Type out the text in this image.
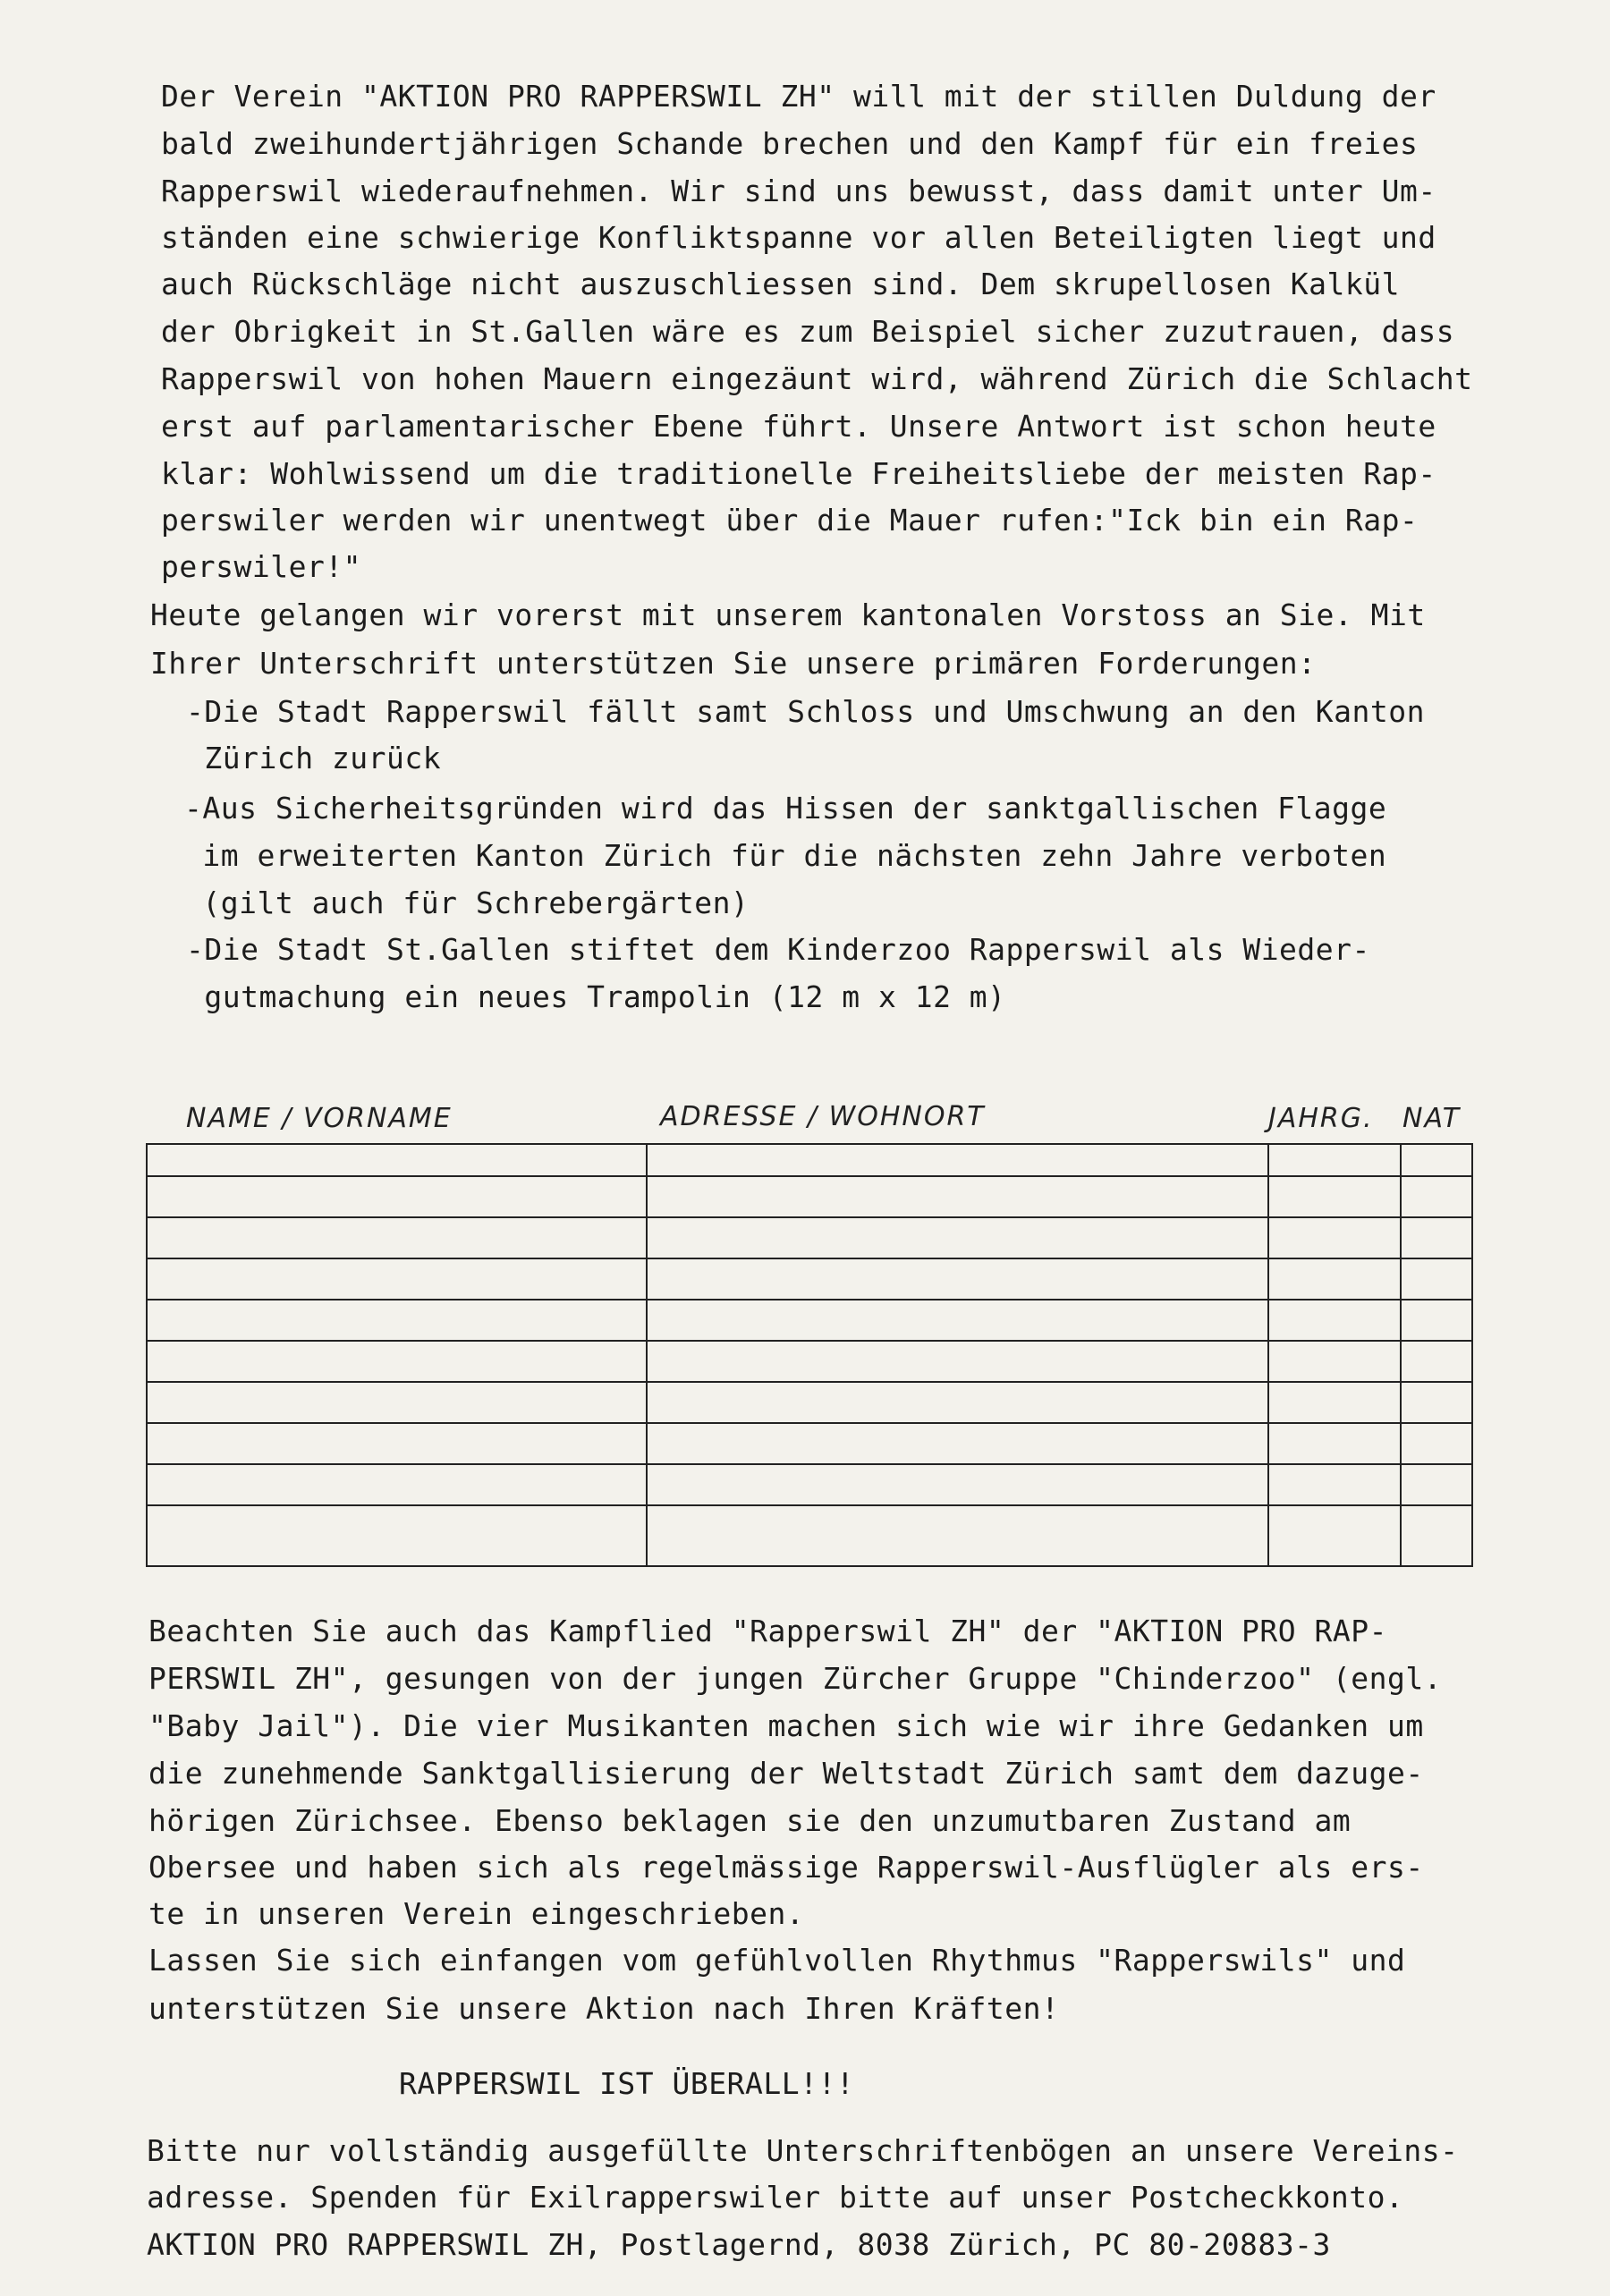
Der Verein "AKTION PRO RAPPERSWIL ZH" will mit der stillen Duldung der
bald zweihundertjährigen Schande brechen und den Kampf für ein freies
Rapperswil wiederaufnehmen. Wir sind uns bewusst, dass damit unter Um-
ständen eine schwierige Konfliktspanne vor allen Beteiligten liegt und
auch Rückschläge nicht auszuschliessen sind. Dem skrupellosen Kalkül
der Obrigkeit in St.Gallen wäre es zum Beispiel sicher zuzutrauen, dass
Rapperswil von hohen Mauern eingezäunt wird, während Zürich die Schlacht
erst auf parlamentarischer Ebene führt. Unsere Antwort ist schon heute
klar: Wohlwissend um die traditionelle Freiheitsliebe der meisten Rap-
perswiler werden wir unentwegt über die Mauer rufen:"Ick bin ein Rap-
perswiler!"
Heute gelangen wir vorerst mit unserem kantonalen Vorstoss an Sie. Mit
Ihrer Unterschrift unterstützen Sie unsere primären Forderungen:
-Die Stadt Rapperswil fällt samt Schloss und Umschwung an den Kanton
Zürich zurück
-Aus Sicherheitsgründen wird das Hissen der sanktgallischen Flagge
im erweiterten Kanton Zürich für die nächsten zehn Jahre verboten
(gilt auch für Schrebergärten)
-Die Stadt St.Gallen stiftet dem Kinderzoo Rapperswil als Wieder-
gutmachung ein neues Trampolin (12 m x 12 m)
NAME / VORNAME	ADRESSE / WOHNORT	JAHRG. NAT
Beachten Sie auch das Kampflied "Rapperswil ZH" der "AKTION PRO RAP-
PERSWIL ZH", gesungen von der jungen Zürcher Gruppe "Chinderzoo" (engl.
"Baby Jail"). Die vier Musikanten machen sich wie wir ihre Gedanken um
die zunehmende Sanktgallisierung der Weltstadt Zürich samt dem dazuge-
hörigen Zürichsee. Ebenso beklagen sie den unzumutbaren Zustand am
Obersee und haben sich als regelmässige Rapperswil-Ausflügler als ers-
te in unseren Verein eingeschrieben.
Lassen Sie sich einfangen vom gefühlvollen Rhythmus "Rapperswils" und
unterstützen Sie unsere Aktion nach Ihren Kräften!
RAPPERSWIL IST ÜBERALL!!!
Bitte nur vollständig ausgefüllte Unterschriftenbögen an unsere Vereins-
adresse. Spenden für Exilrapperswiler bitte auf unser Postcheckkonto.
AKTION PRO RAPPERSWIL ZH, Postlagernd, 8038 Zürich, PC 80-20883-3
